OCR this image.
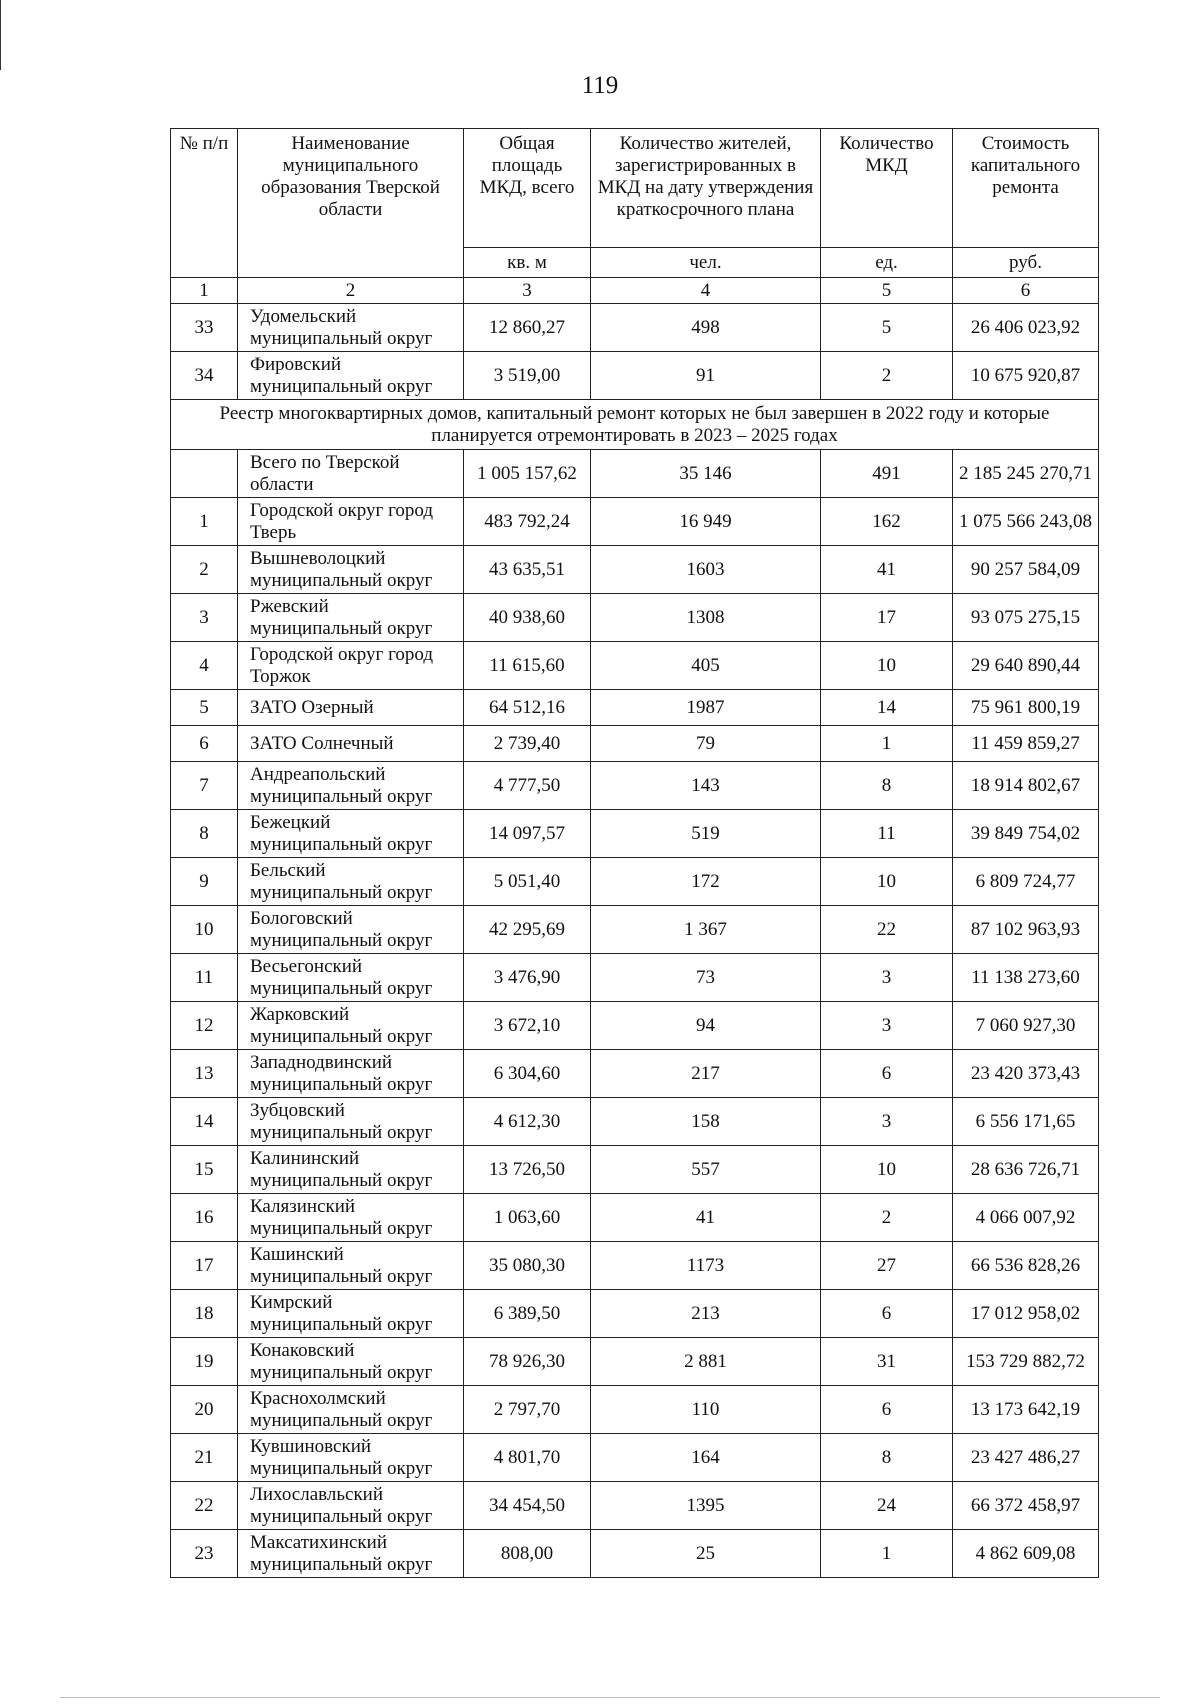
119
№ п/п	Наименование муниципального образования Тверской области	Общая площадь МКД, всего	Количество жителей, зарегистрированных в МКД на дату утверждения краткосрочного плана	Количество МКД	Стоимость капитального ремонта
		кв. м	чел.	ед.	руб.
1	2	3	4	5	6
33	Удомельский муниципальный округ	12 860,27	498	5	26 406 023,92
34	Фировский муниципальный округ	3 519,00	91	2	10 675 920,87
Реестр многоквартирных домов, капитальный ремонт которых не был завершен в 2022 году и которые планируется отремонтировать в 2023 – 2025 годах					
	Всего по Тверской области	1 005 157,62	35 146	491	2 185 245 270,71
1	Городской округ город Тверь	483 792,24	16 949	162	1 075 566 243,08
2	Вышневолоцкий муниципальный округ	43 635,51	1603	41	90 257 584,09
3	Ржевский муниципальный округ	40 938,60	1308	17	93 075 275,15
4	Городской округ город Торжок	11 615,60	405	10	29 640 890,44
5	ЗАТО Озерный	64 512,16	1987	14	75 961 800,19
6	ЗАТО Солнечный	2 739,40	79	1	11 459 859,27
7	Андреапольский муниципальный округ	4 777,50	143	8	18 914 802,67
8	Бежецкий муниципальный округ	14 097,57	519	11	39 849 754,02
9	Бельский муниципальный округ	5 051,40	172	10	6 809 724,77
10	Бологовский муниципальный округ	42 295,69	1 367	22	87 102 963,93
11	Весьегонский муниципальный округ	3 476,90	73	3	11 138 273,60
12	Жарковский муниципальный округ	3 672,10	94	3	7 060 927,30
13	Западнодвинский муниципальный округ	6 304,60	217	6	23 420 373,43
14	Зубцовский муниципальный округ	4 612,30	158	3	6 556 171,65
15	Калининский муниципальный округ	13 726,50	557	10	28 636 726,71
16	Калязинский муниципальный округ	1 063,60	41	2	4 066 007,92
17	Кашинский муниципальный округ	35 080,30	1173	27	66 536 828,26
18	Кимрский муниципальный округ	6 389,50	213	6	17 012 958,02
19	Конаковский муниципальный округ	78 926,30	2 881	31	153 729 882,72
20	Краснохолмский муниципальный округ	2 797,70	110	6	13 173 642,19
21	Кувшиновский муниципальный округ	4 801,70	164	8	23 427 486,27
22	Лихославльский муниципальный округ	34 454,50	1395	24	66 372 458,97
23	Максатихинский муниципальный округ	808,00	25	1	4 862 609,08
